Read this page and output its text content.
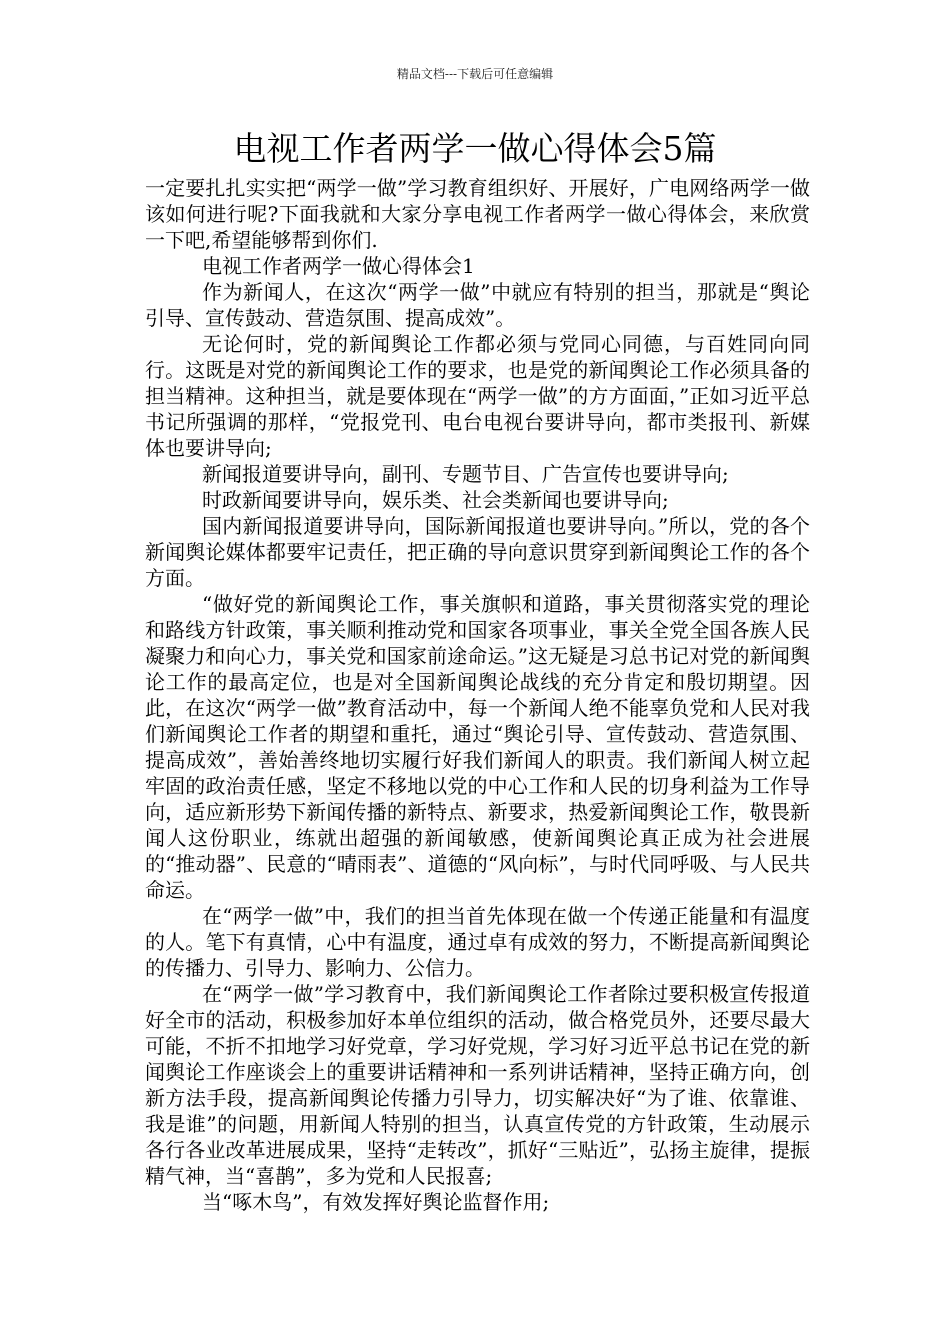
精品文档---下载后可任意编辑
电视工作者两学一做心得体会5篇

一定要扎扎实实把“两学一做”学习教育组织好、开展好，广电网络两学一做该如何进行呢?下面我就和大家分享电视工作者两学一做心得体会，来欣赏一下吧,希望能够帮到你们.

电视工作者两学一做心得体会1

作为新闻人，在这次“两学一做”中就应有特别的担当，那就是“舆论引导、宣传鼓动、营造氛围、提高成效”。

无论何时，党的新闻舆论工作都必须与党同心同德，与百姓同向同行。这既是对党的新闻舆论工作的要求，也是党的新闻舆论工作必须具备的担当精神。这种担当，就是要体现在“两学一做”的方方面面，”正如习近平总书记所强调的那样，“党报党刊、电台电视台要讲导向，都市类报刊、新媒体也要讲导向;

新闻报道要讲导向，副刊、专题节目、广告宣传也要讲导向;

时政新闻要讲导向，娱乐类、社会类新闻也要讲导向;

国内新闻报道要讲导向，国际新闻报道也要讲导向。”所以，党的各个新闻舆论媒体都要牢记责任，把正确的导向意识贯穿到新闻舆论工作的各个方面。

“做好党的新闻舆论工作，事关旗帜和道路，事关贯彻落实党的理论和路线方针政策，事关顺利推动党和国家各项事业，事关全党全国各族人民凝聚力和向心力，事关党和国家前途命运。”这无疑是习总书记对党的新闻舆论工作的最高定位，也是对全国新闻舆论战线的充分肯定和殷切期望。因此，在这次“两学一做”教育活动中，每一个新闻人绝不能辜负党和人民对我们新闻舆论工作者的期望和重托，通过“舆论引导、宣传鼓动、营造氛围、提高成效”，善始善终地切实履行好我们新闻人的职责。我们新闻人树立起牢固的政治责任感，坚定不移地以党的中心工作和人民的切身利益为工作导向，适应新形势下新闻传播的新特点、新要求，热爱新闻舆论工作，敬畏新闻人这份职业，练就出超强的新闻敏感，使新闻舆论真正成为社会进展的“推动器”、民意的“晴雨表”、道德的“风向标”，与时代同呼吸、与人民共命运。

在“两学一做”中，我们的担当首先体现在做一个传递正能量和有温度的人。笔下有真情，心中有温度，通过卓有成效的努力，不断提高新闻舆论的传播力、引导力、影响力、公信力。

在“两学一做”学习教育中，我们新闻舆论工作者除过要积极宣传报道好全市的活动，积极参加好本单位组织的活动，做合格党员外，还要尽最大可能，不折不扣地学习好党章，学习好党规，学习好习近平总书记在党的新闻舆论工作座谈会上的重要讲话精神和一系列讲话精神，坚持正确方向，创新方法手段，提高新闻舆论传播力引导力，切实解决好“为了谁、依靠谁、我是谁”的问题，用新闻人特别的担当，认真宣传党的方针政策，生动展示各行各业改革进展成果，坚持“走转改”，抓好“三贴近”，弘扬主旋律，提振精气神，当“喜鹊”，多为党和人民报喜;

当“啄木鸟”，有效发挥好舆论监督作用;
